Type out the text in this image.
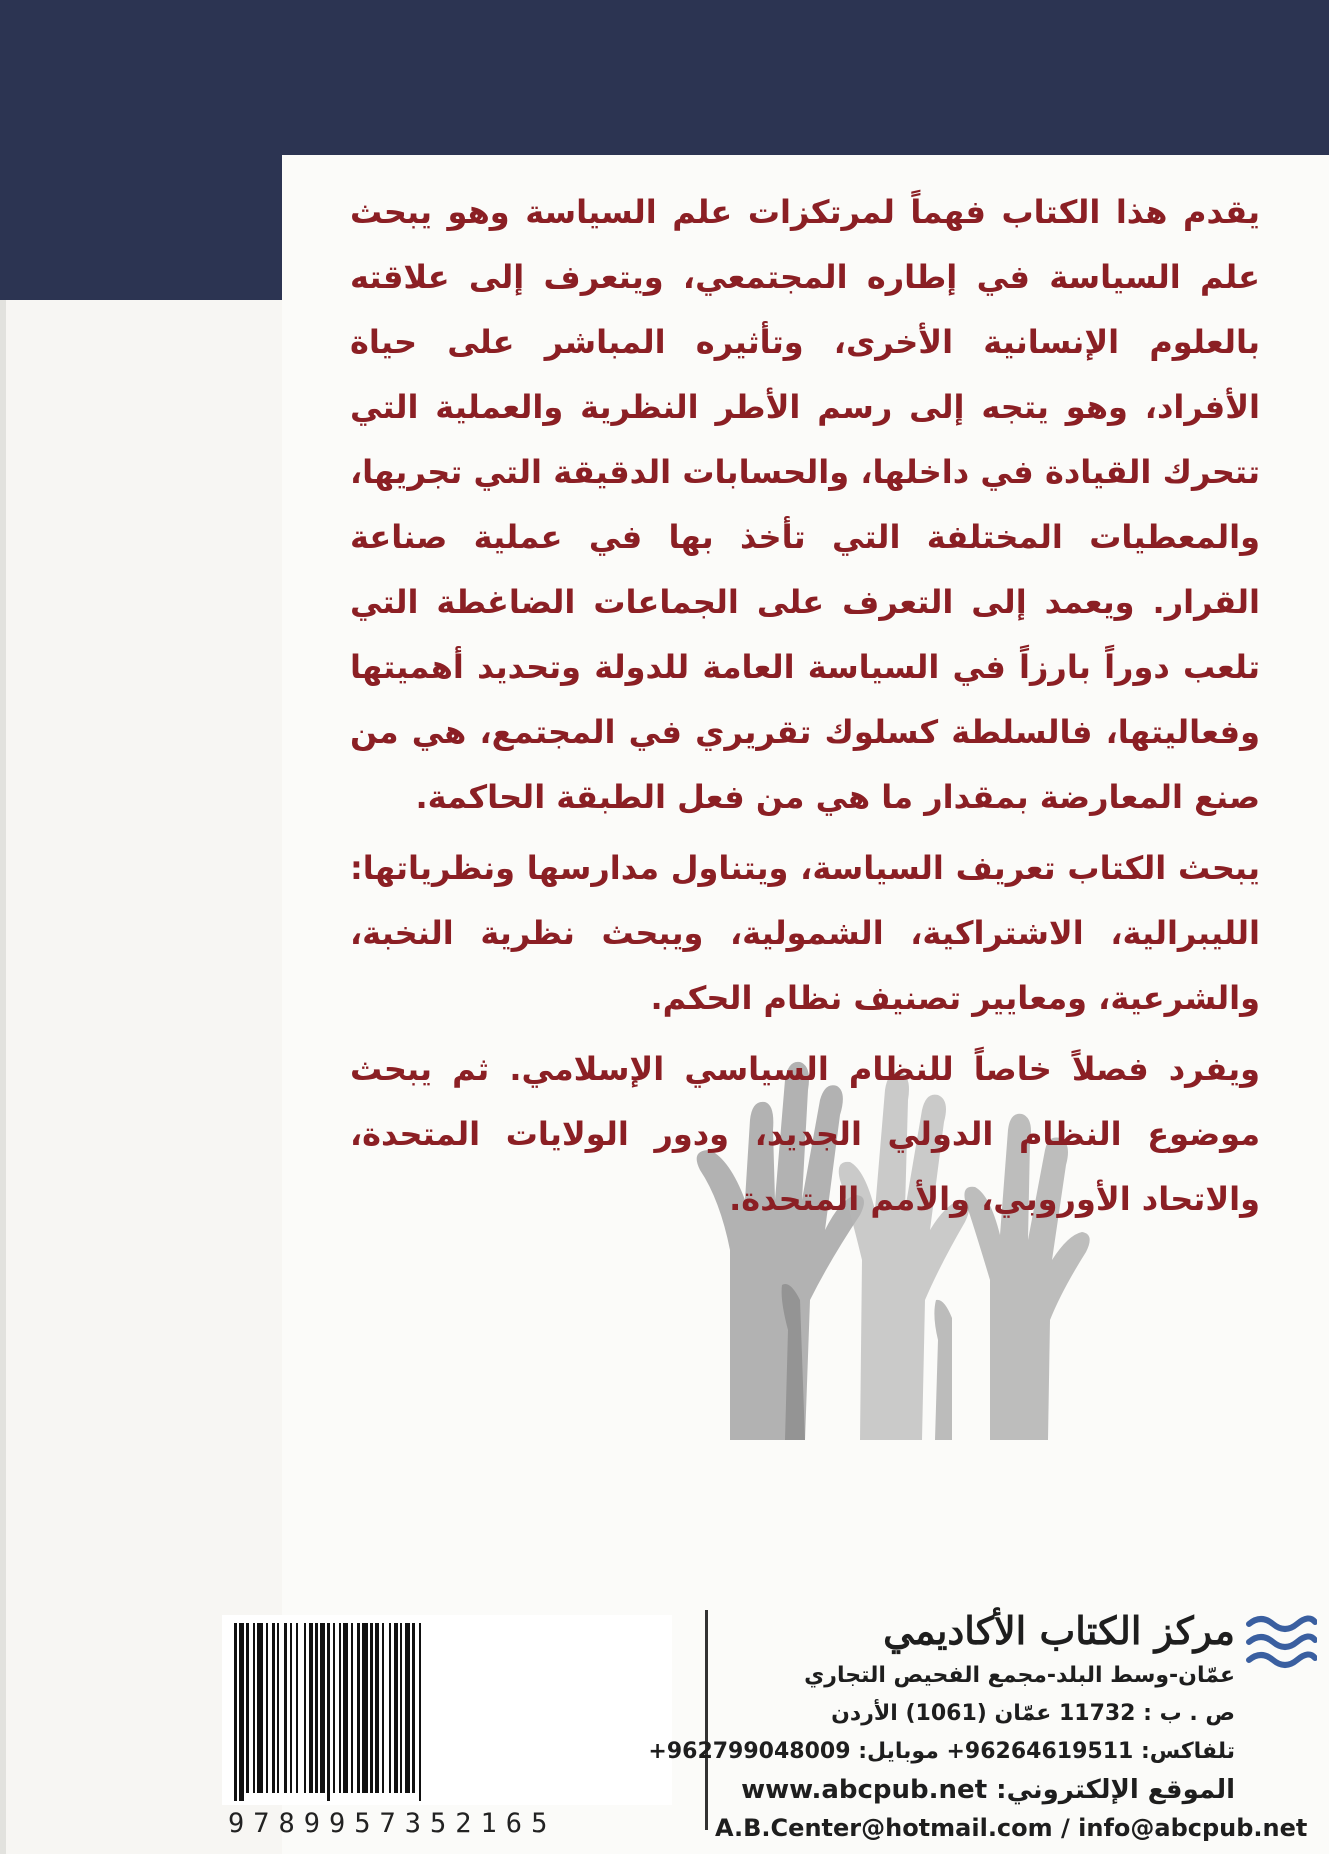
يقدم هذا الكتاب فهماً لمرتكزات علم السياسة وهو يبحث علم السياسة في إطاره المجتمعي، ويتعرف إلى علاقته بالعلوم الإنسانية الأخرى، وتأثيره المباشر على حياة الأفراد، وهو يتجه إلى رسم الأطر النظرية والعملية التي تتحرك القيادة في داخلها، والحسابات الدقيقة التي تجريها، والمعطيات المختلفة التي تأخذ بها في عملية صناعة القرار. ويعمد إلى التعرف على الجماعات الضاغطة التي تلعب دوراً بارزاً في السياسة العامة للدولة وتحديد أهميتها وفعاليتها، فالسلطة كسلوك تقريري في المجتمع، هي من صنع المعارضة بمقدار ما هي من فعل الطبقة الحاكمة.

يبحث الكتاب تعريف السياسة، ويتناول مدارسها ونظرياتها: الليبرالية، الاشتراكية، الشمولية، ويبحث نظرية النخبة، والشرعية، ومعايير تصنيف نظام الحكم.

ويفرد فصلاً خاصاً للنظام السياسي الإسلامي. ثم يبحث موضوع النظام الدولي الجديد، ودور الولايات المتحدة، والاتحاد الأوروبي، والأمم المتحدة.

9789957352165
مركز الكتاب الأكاديمي
عمّان-وسط البلد-مجمع الفحيص التجاري
ص . ب : 11732 عمّان (1061) الأردن
تلفاكس: 96264619511+ موبايل: 962799048009+
الموقع الإلكتروني: www.abcpub.net
A.B.Center@hotmail.com / info@abcpub.net
